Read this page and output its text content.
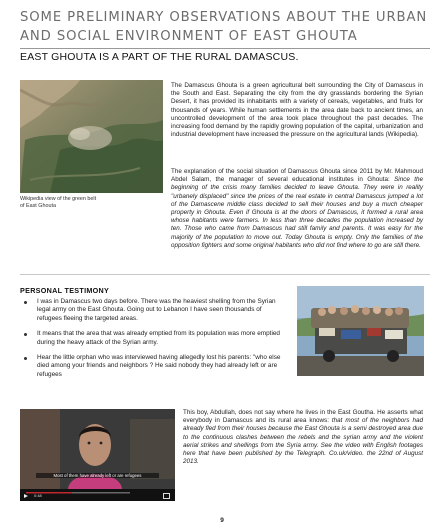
SOME PRELIMINARY OBSERVATIONS ABOUT THE URBAN
AND SOCIAL ENVIRONMENT OF EAST GHOUTA
EAST GHOUTA IS A PART OF THE RURAL DAMASCUS.
Wikipedia view of the green belt
of East Ghouta

The Damascus Ghouta is a green agricultural belt surrounding the City of Damascus in the South and East. Separating the city from the dry grasslands bordering the Syrian Desert, it has provided its inhabitants with a variety of cereals, vegetables, and fruits for thousands of years. While human settlements in the area date back to ancient times, an uncontrolled development of the area took place throughout the past decades. The increasing food demand by the rapidly growing population of the capital, urbanization and industrial development have increased the pressure on the agricultural lands (Wikipedia).

The explanation of the social situation of Damascus Ghouta since 2011 by Mr. Mahmoud Abdel Salam, the manager of several educational institutes in Ghouta: Since the beginning of the crisis many families decided to leave Ghouta. They were in reality "urbanely displaced" since the prices of the real estate in central Damascus jumped a lot of the Damascene middle class decided to sell their houses and buy a much cheaper property in Ghouta. Even if Ghouta is at the doors of Damascus, it formed a rural area whose habitants were farmers. In less than three decades the population increased by ten. Those who came from Damascus had still family and parents. It was easy for the majority of the population to move out. Today Ghouta is empty. Only the families of the opposition fighters and some original habitants who did not find where to go are still there.

PERSONAL TESTIMONY
I was in Damascus two days before. There was the heaviest shelling from the Syrian legal army on the East Ghouta. Going out to Lebanon I have seen thousands of refugees fleeing the targeted areas.
It means that the area that was already emptied from its population was more emptied during the heavy attack of the Syrian army.
Hear the little orphan who was interviewed having allegedly lost his parents: "who else died among your friends and neighbors ? He said nobody they had already left or are refugees
Most of them have already left or are refugees
0:48

This boy, Abdullah, does not say where he lives in the East Goutha. He asserts what everybody in Damascus and its rural area knows: that most of the neighbors had already fled from their houses because the East Ghouta is a semi destroyed area due to the continuous clashes between the rebels and the syrian army and the violent aerial strikes and shellings from the Syria army. See the video with English footages here that have been published by the Telegraph. Co.uk/video. the 22nd of August 2013.

9
